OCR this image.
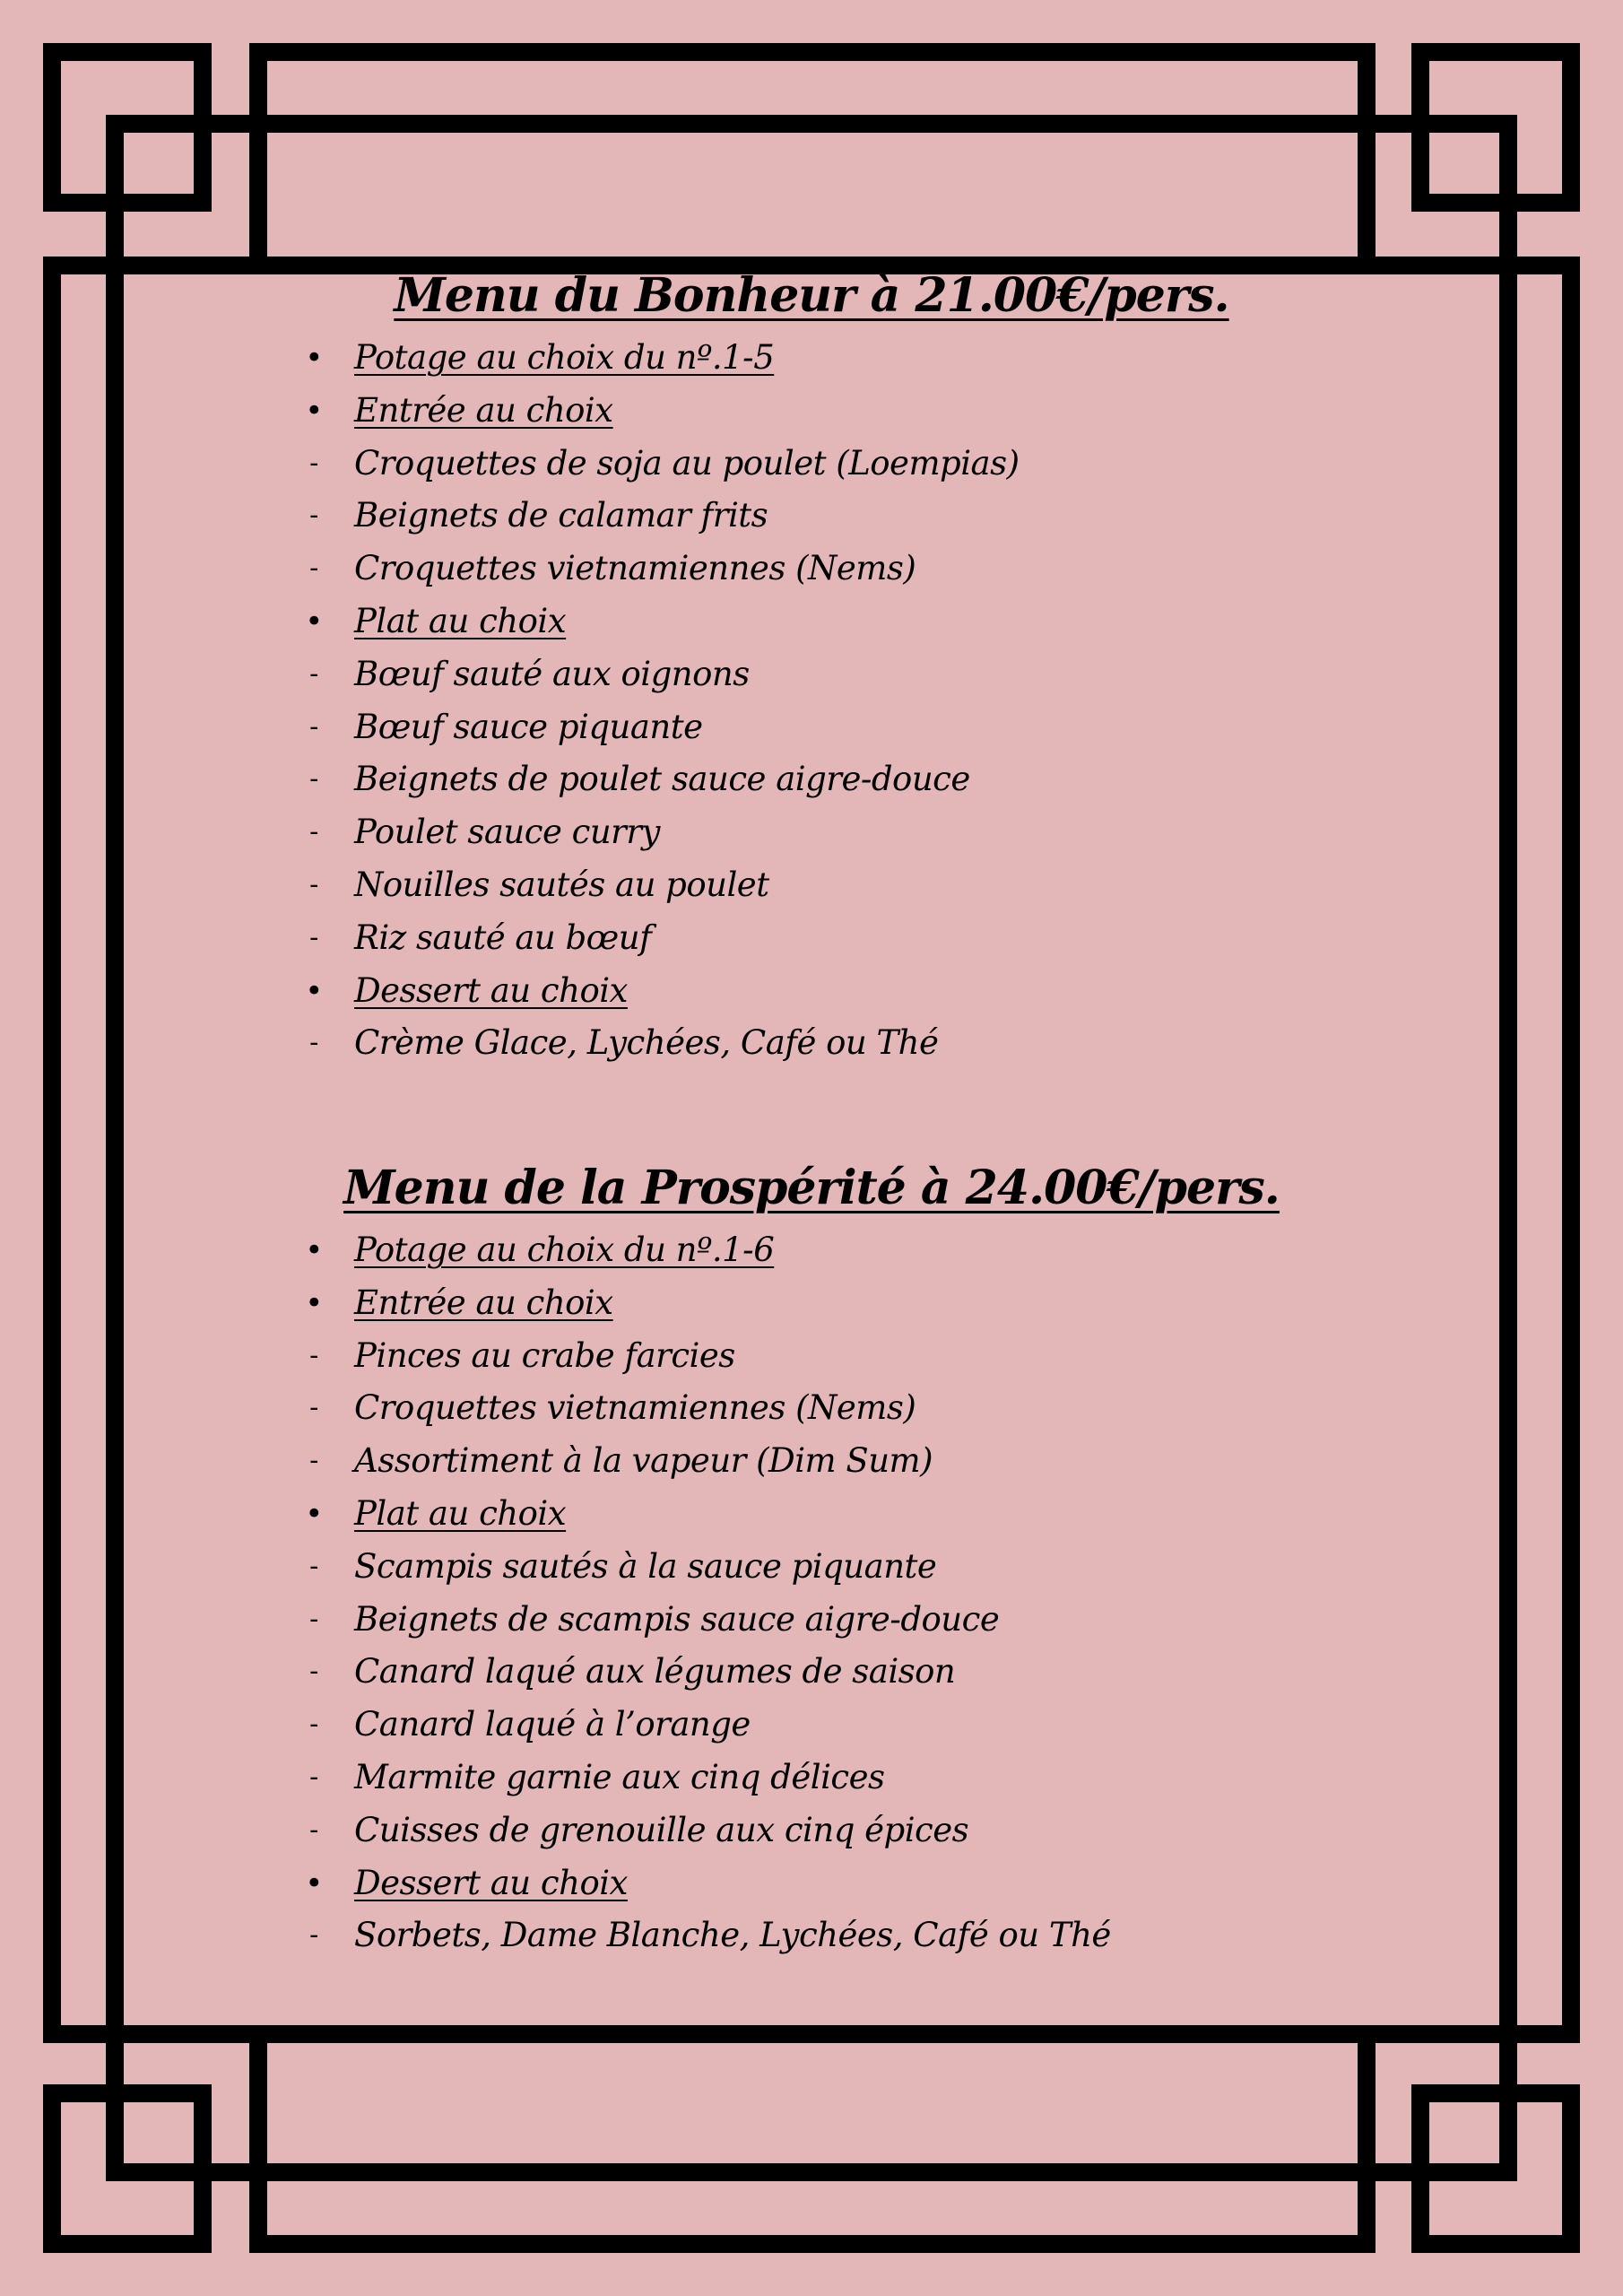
Menu du Bonheur à 21.00€/pers.
• Potage au choix du nº.1-5
• Entrée au choix
- Croquettes de soja au poulet (Loempias)
- Beignets de calamar frits
- Croquettes vietnamiennes (Nems)
• Plat au choix
- Bœuf sauté aux oignons
- Bœuf sauce piquante
- Beignets de poulet sauce aigre-douce
- Poulet sauce curry
- Nouilles sautés au poulet
- Riz sauté au bœuf
• Dessert au choix
- Crème Glace, Lychées, Café ou Thé
Menu de la Prospérité à 24.00€/pers.
• Potage au choix du nº.1-6
• Entrée au choix
- Pinces au crabe farcies
- Croquettes vietnamiennes (Nems)
- Assortiment à la vapeur (Dim Sum)
• Plat au choix
- Scampis sautés à la sauce piquante
- Beignets de scampis sauce aigre-douce
- Canard laqué aux légumes de saison
- Canard laqué à l’orange
- Marmite garnie aux cinq délices
- Cuisses de grenouille aux cinq épices
• Dessert au choix
- Sorbets, Dame Blanche, Lychées, Café ou Thé
